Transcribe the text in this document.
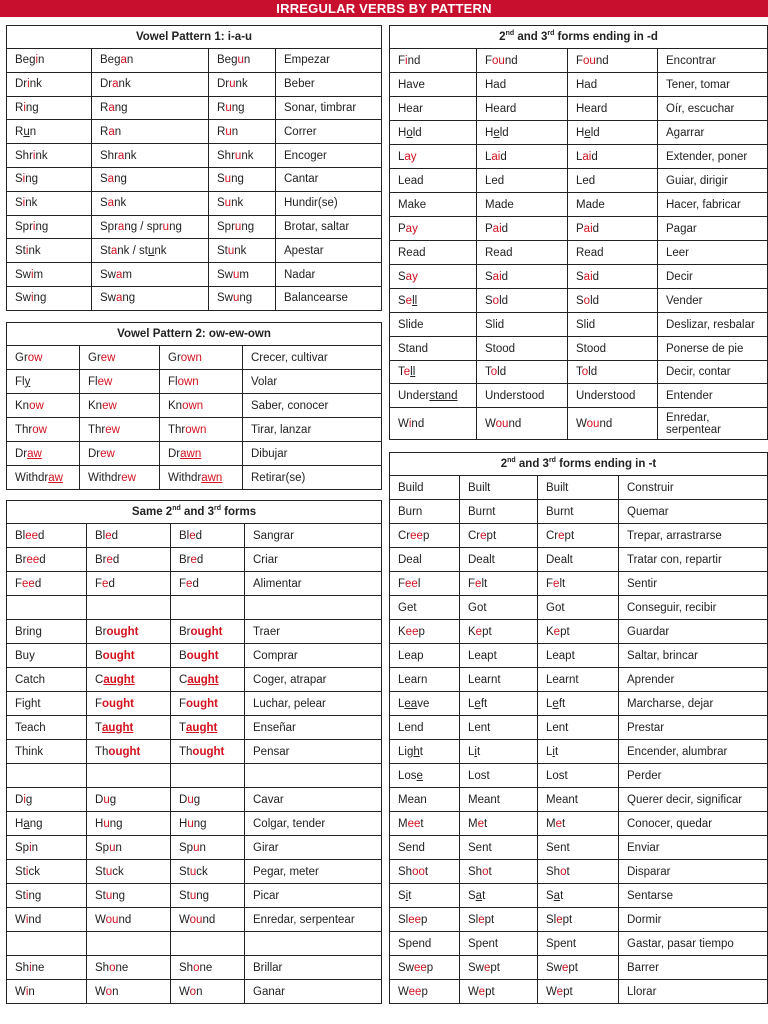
IRREGULAR VERBS BY PATTERN
Vowel Pattern 1: i-a-u			
Begin	Began	Begun	Empezar
Drink	Drank	Drunk	Beber
Ring	Rang	Rung	Sonar, timbrar
Run	Ran	Run	Correr
Shrink	Shrank	Shrunk	Encoger
Sing	Sang	Sung	Cantar
Sink	Sank	Sunk	Hundir(se)
Spring	Sprang / sprung	Sprung	Brotar, saltar
Stink	Stank / stunk	Stunk	Apestar
Swim	Swam	Swum	Nadar
Swing	Swang	Swung	Balancearse
Vowel Pattern 2: ow-ew-own			
Grow	Grew	Grown	Crecer, cultivar
Fly	Flew	Flown	Volar
Know	Knew	Known	Saber, conocer
Throw	Threw	Thrown	Tirar, lanzar
Draw	Drew	Drawn	Dibujar
Withdraw	Withdrew	Withdrawn	Retirar(se)
Same 2nd and 3rd forms			
Bleed	Bled	Bled	Sangrar
Breed	Bred	Bred	Criar
Feed	Fed	Fed	Alimentar

Bring	Brought	Brought	Traer
Buy	Bought	Bought	Comprar
Catch	Caught	Caught	Coger, atrapar
Fight	Fought	Fought	Luchar, pelear
Teach	Taught	Taught	Enseñar
Think	Thought	Thought	Pensar

Dig	Dug	Dug	Cavar
Hang	Hung	Hung	Colgar, tender
Spin	Spun	Spun	Girar
Stick	Stuck	Stuck	Pegar, meter
Sting	Stung	Stung	Picar
Wind	Wound	Wound	Enredar, serpentear

Shine	Shone	Shone	Brillar
Win	Won	Won	Ganar
2nd and 3rd forms ending in -d			
Find	Found	Found	Encontrar
Have	Had	Had	Tener, tomar
Hear	Heard	Heard	Oír, escuchar
Hold	Held	Held	Agarrar
Lay	Laid	Laid	Extender, poner
Lead	Led	Led	Guiar, dirigir
Make	Made	Made	Hacer, fabricar
Pay	Paid	Paid	Pagar
Read	Read	Read	Leer
Say	Said	Said	Decir
Sell	Sold	Sold	Vender
Slide	Slid	Slid	Deslizar, resbalar
Stand	Stood	Stood	Ponerse de pie
Tell	Told	Told	Decir, contar
Understand	Understood	Understood	Entender
Wind	Wound	Wound	Enredar, serpentear
2nd and 3rd forms ending in -t			
Build	Built	Built	Construir
Burn	Burnt	Burnt	Quemar
Creep	Crept	Crept	Trepar, arrastrarse
Deal	Dealt	Dealt	Tratar con, repartir
Feel	Felt	Felt	Sentir
Get	Got	Got	Conseguir, recibir
Keep	Kept	Kept	Guardar
Leap	Leapt	Leapt	Saltar, brincar
Learn	Learnt	Learnt	Aprender
Leave	Left	Left	Marcharse, dejar
Lend	Lent	Lent	Prestar
Light	Lit	Lit	Encender, alumbrar
Lose	Lost	Lost	Perder
Mean	Meant	Meant	Querer decir, significar
Meet	Met	Met	Conocer, quedar
Send	Sent	Sent	Enviar
Shoot	Shot	Shot	Disparar
Sit	Sat	Sat	Sentarse
Sleep	Slept	Slept	Dormir
Spend	Spent	Spent	Gastar, pasar tiempo
Sweep	Swept	Swept	Barrer
Weep	Wept	Wept	Llorar
